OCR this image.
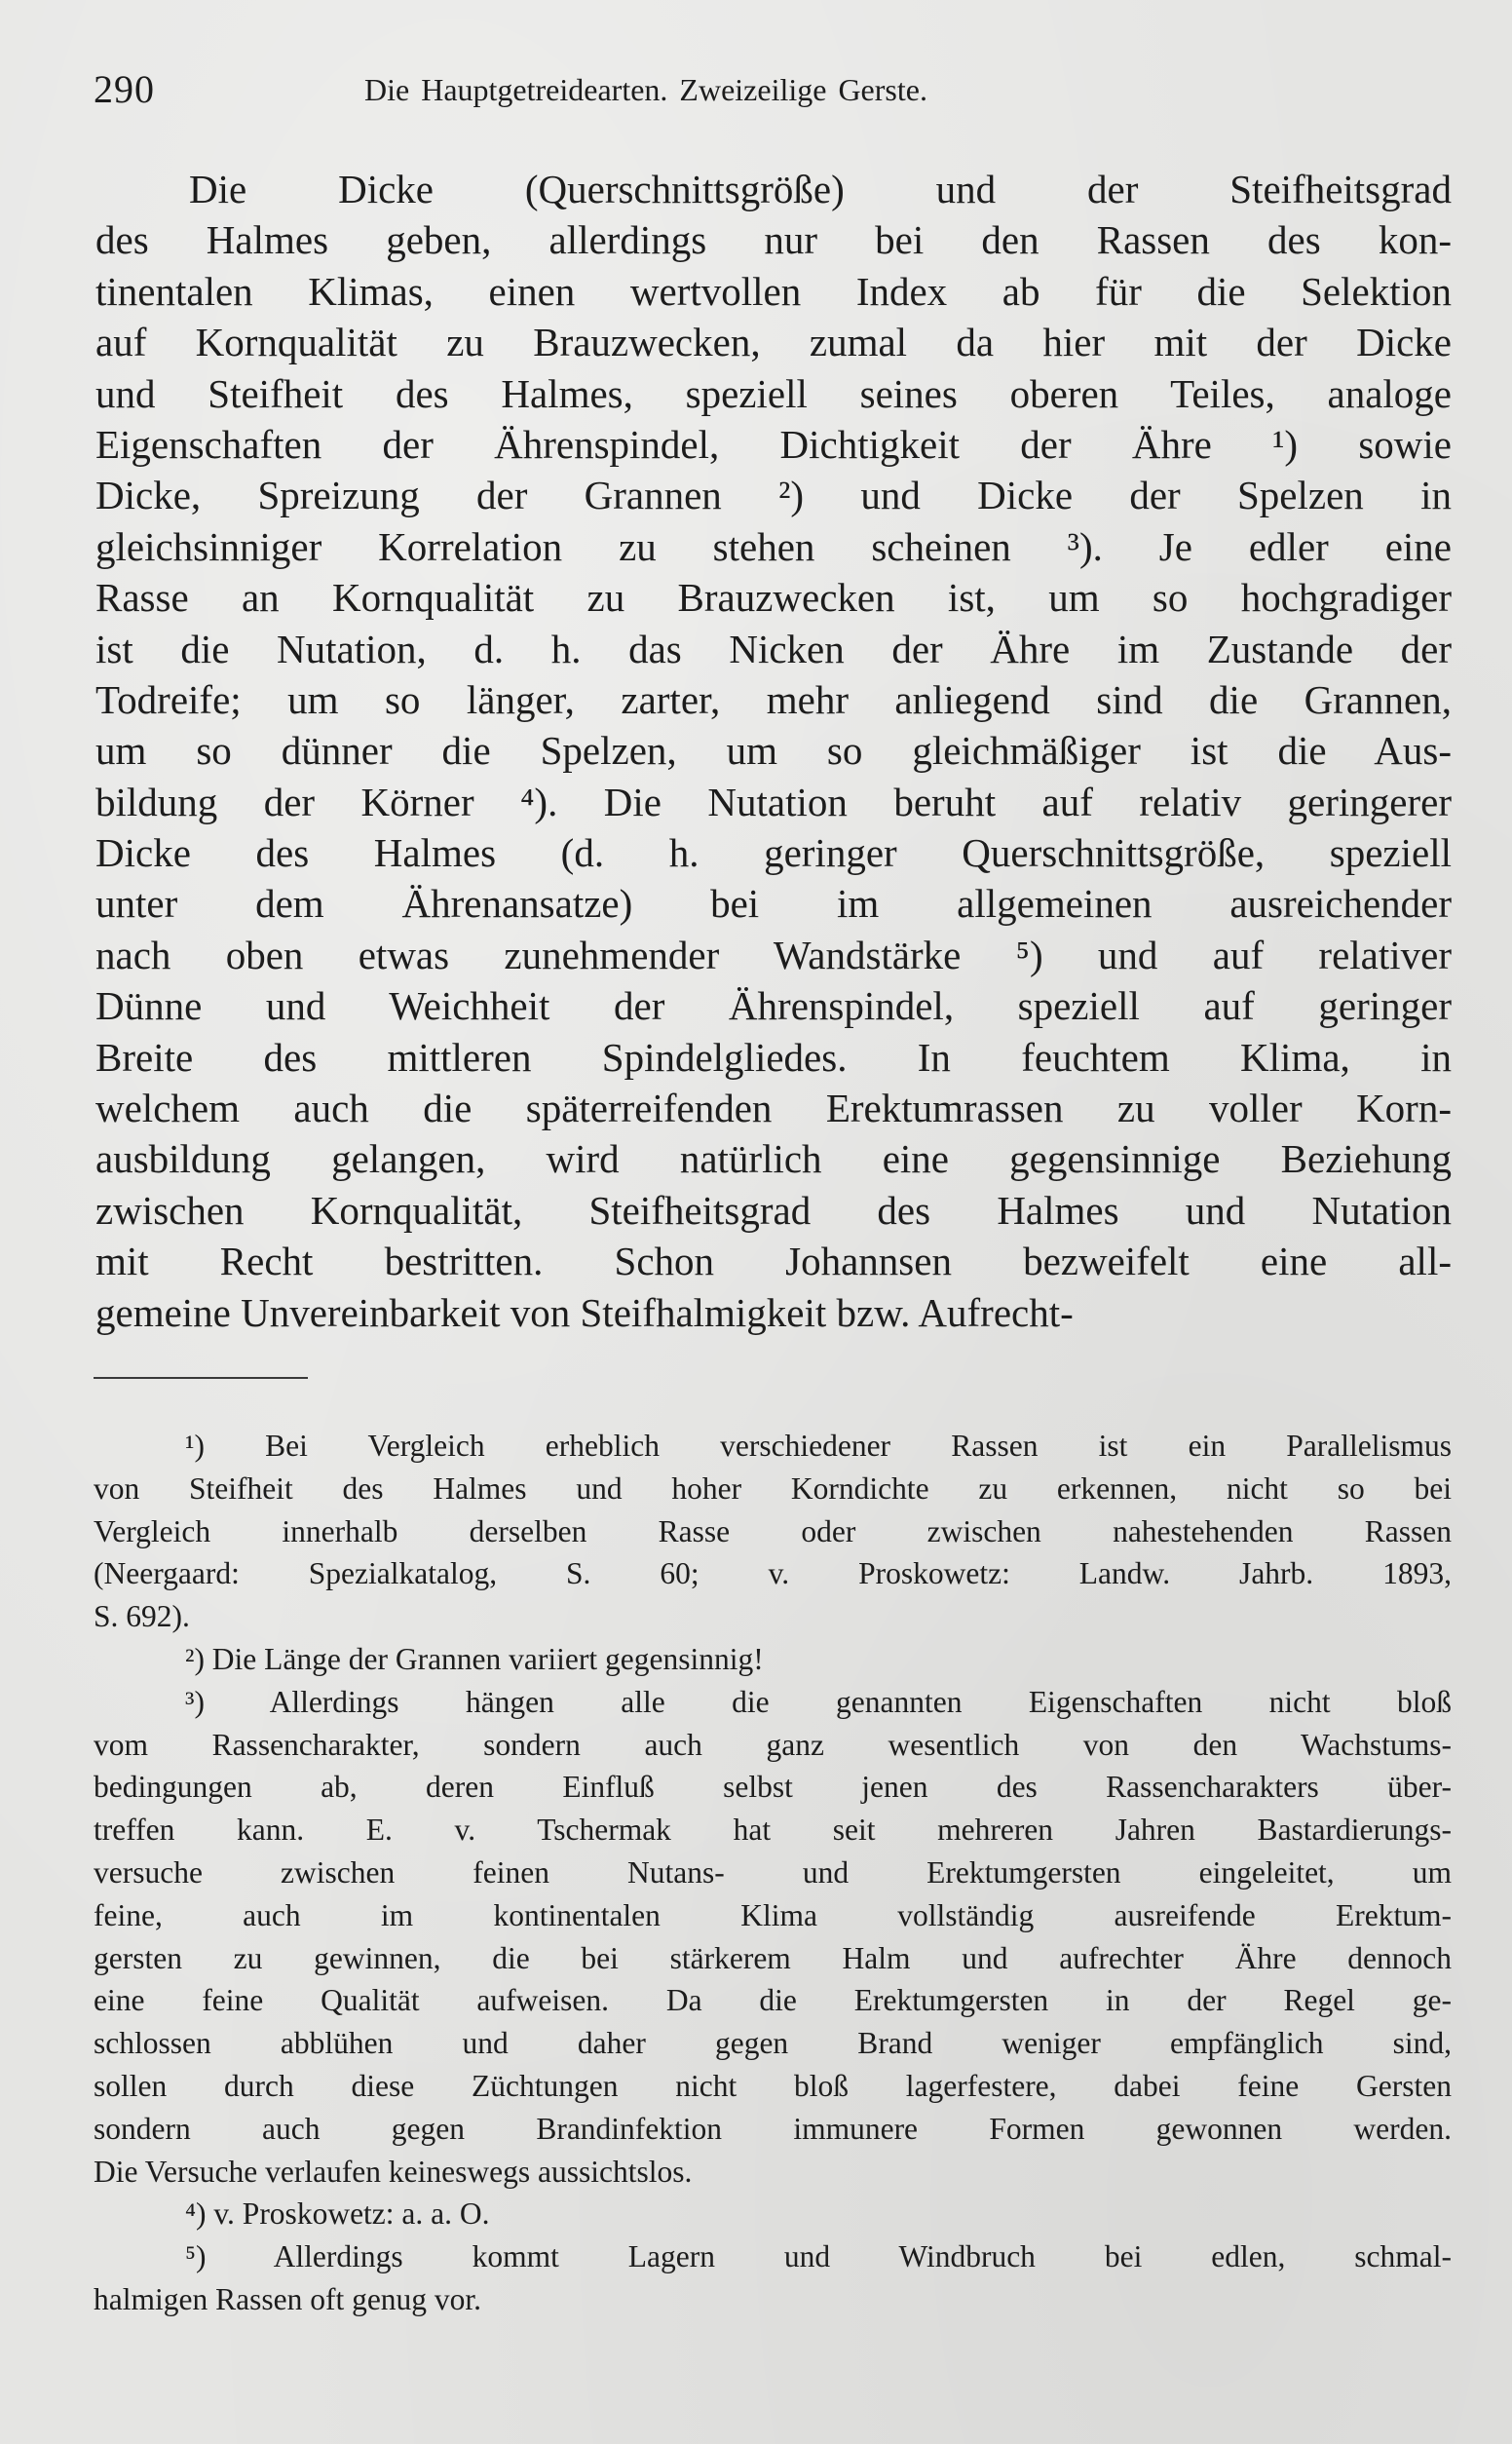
290	Die Hauptgetreidearten. Zweizeilige Gerste.
Die Dicke (Querschnittsgröße) und der Steifheitsgrad
des Halmes geben, allerdings nur bei den Rassen des kon-
tinentalen Klimas, einen wertvollen Index ab für die Selektion
auf Kornqualität zu Brauzwecken, zumal da hier mit der Dicke
und Steifheit des Halmes, speziell seines oberen Teiles, analoge
Eigenschaften der Ährenspindel, Dichtigkeit der Ähre ¹) sowie
Dicke, Spreizung der Grannen ²) und Dicke der Spelzen in
gleichsinniger Korrelation zu stehen scheinen ³). Je edler eine
Rasse an Kornqualität zu Brauzwecken ist, um so hochgradiger
ist die Nutation, d. h. das Nicken der Ähre im Zustande der
Todreife; um so länger, zarter, mehr anliegend sind die Grannen,
um so dünner die Spelzen, um so gleichmäßiger ist die Aus-
bildung der Körner ⁴). Die Nutation beruht auf relativ geringerer
Dicke des Halmes (d. h. geringer Querschnittsgröße, speziell
unter dem Ährenansatze) bei im allgemeinen ausreichender
nach oben etwas zunehmender Wandstärke ⁵) und auf relativer
Dünne und Weichheit der Ährenspindel, speziell auf geringer
Breite des mittleren Spindelgliedes. In feuchtem Klima, in
welchem auch die späterreifenden Erektumrassen zu voller Korn-
ausbildung gelangen, wird natürlich eine gegensinnige Beziehung
zwischen Kornqualität, Steifheitsgrad des Halmes und Nutation
mit Recht bestritten. Schon Johannsen bezweifelt eine all-
gemeine Unvereinbarkeit von Steifhalmigkeit bzw. Aufrecht-
¹) Bei Vergleich erheblich verschiedener Rassen ist ein Parallelismus
von Steifheit des Halmes und hoher Korndichte zu erkennen, nicht so bei
Vergleich innerhalb derselben Rasse oder zwischen nahestehenden Rassen
(Neergaard: Spezialkatalog, S. 60; v. Proskowetz: Landw. Jahrb. 1893,
S. 692).
²) Die Länge der Grannen variiert gegensinnig!
³) Allerdings hängen alle die genannten Eigenschaften nicht bloß
vom Rassencharakter, sondern auch ganz wesentlich von den Wachstums-
bedingungen ab, deren Einfluß selbst jenen des Rassencharakters über-
treffen kann. E. v. Tschermak hat seit mehreren Jahren Bastardierungs-
versuche zwischen feinen Nutans- und Erektumgersten eingeleitet, um
feine, auch im kontinentalen Klima vollständig ausreifende Erektum-
gersten zu gewinnen, die bei stärkerem Halm und aufrechter Ähre dennoch
eine feine Qualität aufweisen. Da die Erektumgersten in der Regel ge-
schlossen abblühen und daher gegen Brand weniger empfänglich sind,
sollen durch diese Züchtungen nicht bloß lagerfestere, dabei feine Gersten
sondern auch gegen Brandinfektion immunere Formen gewonnen werden.
Die Versuche verlaufen keineswegs aussichtslos.
⁴) v. Proskowetz: a. a. O.
⁵) Allerdings kommt Lagern und Windbruch bei edlen, schmal-
halmigen Rassen oft genug vor.
